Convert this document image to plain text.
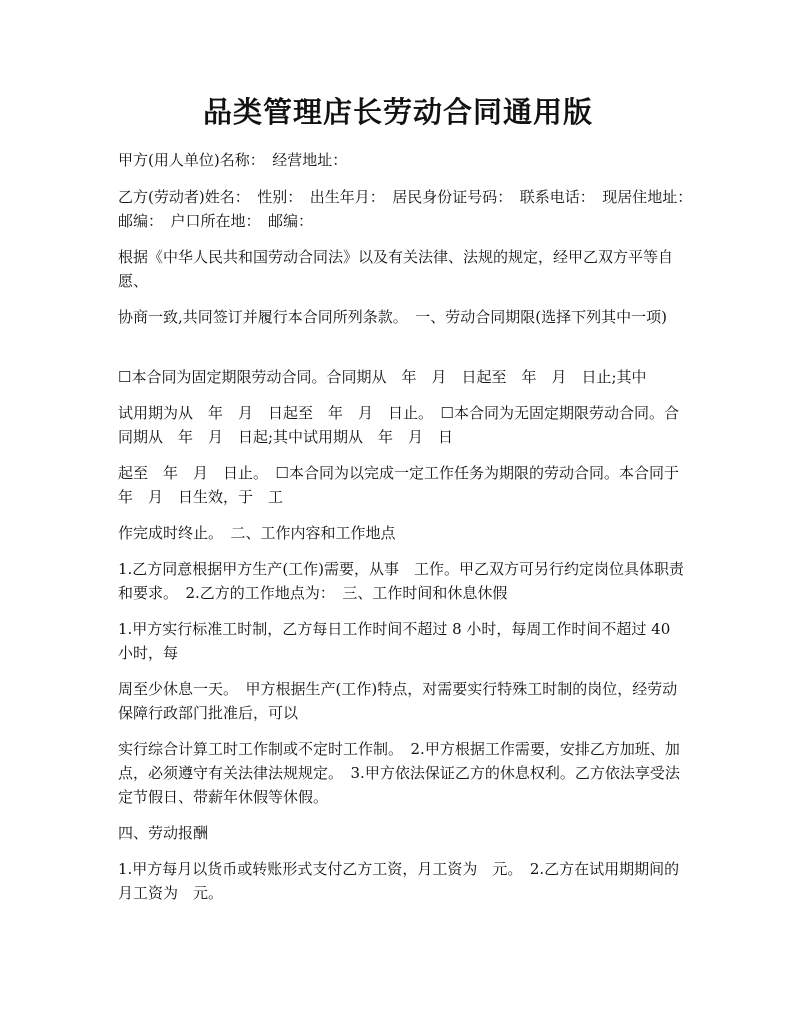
品类管理店长劳动合同通用版

甲方(用人单位)名称：　经营地址：

乙方(劳动者)姓名：　性别：　出生年月：　居民身份证号码：　联系电话：　现居住地址：　邮编：　户口所在地：　邮编：

根据《中华人民共和国劳动合同法》以及有关法律、法规的规定，经甲乙双方平等自愿、

协商一致,共同签订并履行本合同所列条款。　一、劳动合同期限(选择下列其中一项)

☐本合同为固定期限劳动合同。合同期从　年　月　日起至　年　月　日止;其中

试用期为从　年　月　日起至　年　月　日止。　☐本合同为无固定期限劳动合同。合同期从　年　月　日起;其中试用期从　年　月　日

起至　年　月　日止。　☐本合同为以完成一定工作任务为期限的劳动合同。本合同于　年　月　日生效，于　工

作完成时终止。　二、工作内容和工作地点

1.乙方同意根据甲方生产(工作)需要，从事　工作。甲乙双方可另行约定岗位具体职责和要求。　2.乙方的工作地点为：　三、工作时间和休息休假

1.甲方实行标准工时制，乙方每日工作时间不超过 8 小时，每周工作时间不超过 40 小时，每

周至少休息一天。　甲方根据生产(工作)特点，对需要实行特殊工时制的岗位，经劳动保障行政部门批准后，可以

实行综合计算工时工作制或不定时工作制。　2.甲方根据工作需要，安排乙方加班、加点，必须遵守有关法律法规规定。　3.甲方依法保证乙方的休息权利。乙方依法享受法定节假日、带薪年休假等休假。

四、劳动报酬

1.甲方每月以货币或转账形式支付乙方工资，月工资为　元。　2.乙方在试用期期间的月工资为　元。
